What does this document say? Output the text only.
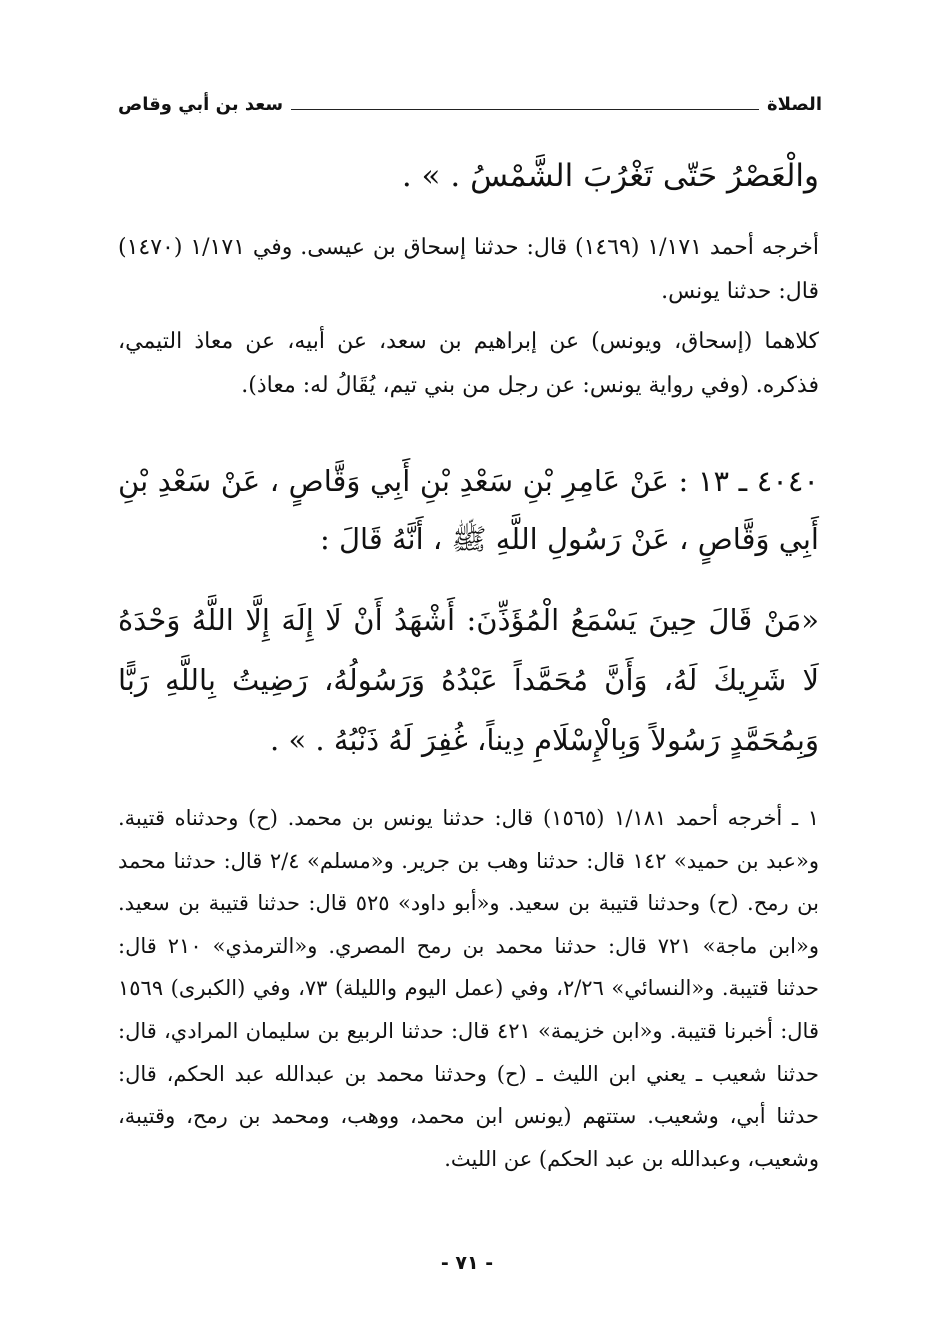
الصلاة
سعد بن أبي وقاص
والْعَصْرُ حَتّى تَغْرُبَ الشَّمْسُ . » .
أخرجه أحمد ١/١٧١ (١٤٦٩) قال: حدثنا إسحاق بن عيسى. وفي ١/١٧١ (١٤٧٠) قال: حدثنا يونس.
كلاهما (إسحاق، ويونس) عن إبراهيم بن سعد، عن أبيه، عن معاذ التيمي، فذكره. (وفي رواية يونس: عن رجل من بني تيم، يُقَالُ له: معاذ).
٤٠٤٠ ـ ١٣ : عَنْ عَامِرِ بْنِ سَعْدِ بْنِ أَبِي وَقَّاصٍ ، عَنْ سَعْدِ بْنِ أَبِي وَقَّاصٍ ، عَنْ رَسُولِ اللَّهِ ﷺ ، أَنَّهُ قَالَ :
«مَنْ قَالَ حِينَ يَسْمَعُ الْمُؤَذِّنَ: أَشْهَدُ أَنْ لَا إِلَهَ إِلَّا اللَّهُ وَحْدَهُ لَا شَرِيكَ لَهُ، وَأَنَّ مُحَمَّداً عَبْدُهُ وَرَسُولُهُ، رَضِيتُ بِاللَّهِ رَبًّا وَبِمُحَمَّدٍ رَسُولاً وَبِالْإِسْلَامِ دِيناً، غُفِرَ لَهُ ذَنْبُهُ . » .
١ ـ أخرجه أحمد ١/١٨١ (١٥٦٥) قال: حدثنا يونس بن محمد. (ح) وحدثناه قتيبة. و«عبد بن حميد» ١٤٢ قال: حدثنا وهب بن جرير. و«مسلم» ٢/٤ قال: حدثنا محمد بن رمح. (ح) وحدثنا قتيبة بن سعيد. و«أبو داود» ٥٢٥ قال: حدثنا قتيبة بن سعيد. و«ابن ماجة» ٧٢١ قال: حدثنا محمد بن رمح المصري. و«الترمذي» ٢١٠ قال: حدثنا قتيبة. و«النسائي» ٢/٢٦، وفي (عمل اليوم والليلة) ٧٣، وفي (الكبرى) ١٥٦٩ قال: أخبرنا قتيبة. و«ابن خزيمة» ٤٢١ قال: حدثنا الربيع بن سليمان المرادي، قال: حدثنا شعيب ـ يعني ابن الليث ـ (ح) وحدثنا محمد بن عبدالله عبد الحكم، قال: حدثنا أبي، وشعيب. ستتهم (يونس ابن محمد، ووهب، ومحمد بن رمح، وقتيبة، وشعيب، وعبدالله بن عبد الحكم) عن الليث.
- ٧١ -
